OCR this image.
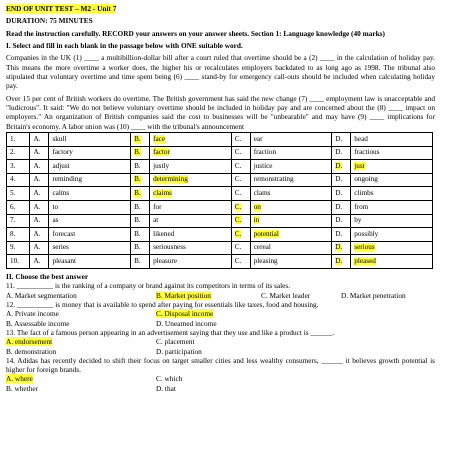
END OF UNIT TEST – M2 - Unit 7

DURATION: 75 MINUTES

Read the instruction carefully. RECORD your answers on your answer sheets. Section 1: Language knowledge (40 marks)

I. Select and fill in each blank in the passage below with ONE suitable word.

Companies in the UK (1) ____ a multibillion-dollar bill after a court ruled that overtime should be a (2) ____ in the calculation of holiday pay. This means the more overtime a worker does, the higher his or recalculates employers backdated to as long ago as 1998. The tribunal also stipulated that voluntary overtime and time spent being (6) ____ stand-by for emergency call-outs should be included when calculating holiday pay.

Over 15 per cent of British workers do overtime. The British government has said the new change (7) ____ employment law is unacceptable and "ludicrous". It said: "We do not believe voluntary overtime should be included in holiday pay and are concerned about the (8) ____ impact on employers." An organization of British companies said the cost to businesses will be "unbearable" and may have (9) ____ implications for Britain's economy. A labor union was (10) ____ with the tribunal's announcement

1.	A.	skull	B.	face	C.	ear	D.	head
2.	A.	factory	B.	factor	C.	fraction	D.	fractious
3.	A.	adjust	B.	justly	C.	justice	D.	just
4.	A.	reminding	B.	determining	C.	remonstrating	D.	ongoing
5.	A.	calms	B.	claims	C.	clams	D.	climbs
6.	A.	to	B.	for	C.	on	D.	from
7.	A.	as	B.	at	C.	in	D.	by
8.	A.	forecast	B.	likened	C.	potential	D.	possibly
9.	A.	series	B.	seriousness	C.	cereal	D.	serious
10.	A.	pleasant	B.	pleasure	C.	pleasing	D.	pleased

II. Choose the best answer

11. __________ is the ranking of a company or brand against its competitors in terms of its sales.

A. Market segmentation	B. Market position	C. Market leader	D. Market penetration

12. __________ is money that is available to spend after paying for essentials like taxes, food and housing.

A. Private income	C. Disposal income
B. Assessable income	D. Unearned income

13. The fact of a famous person appearing in an advertisement saying that they use and like a product is ______.

A. endorsement	C. placement
B. demonstration	D. participation

14. Adidas has recently decided to shift their focus on target smaller cities and less wealthy consumers, ______ it believes growth potential is higher for foreign brands.

A. where	C. which
B. whether	D. that
